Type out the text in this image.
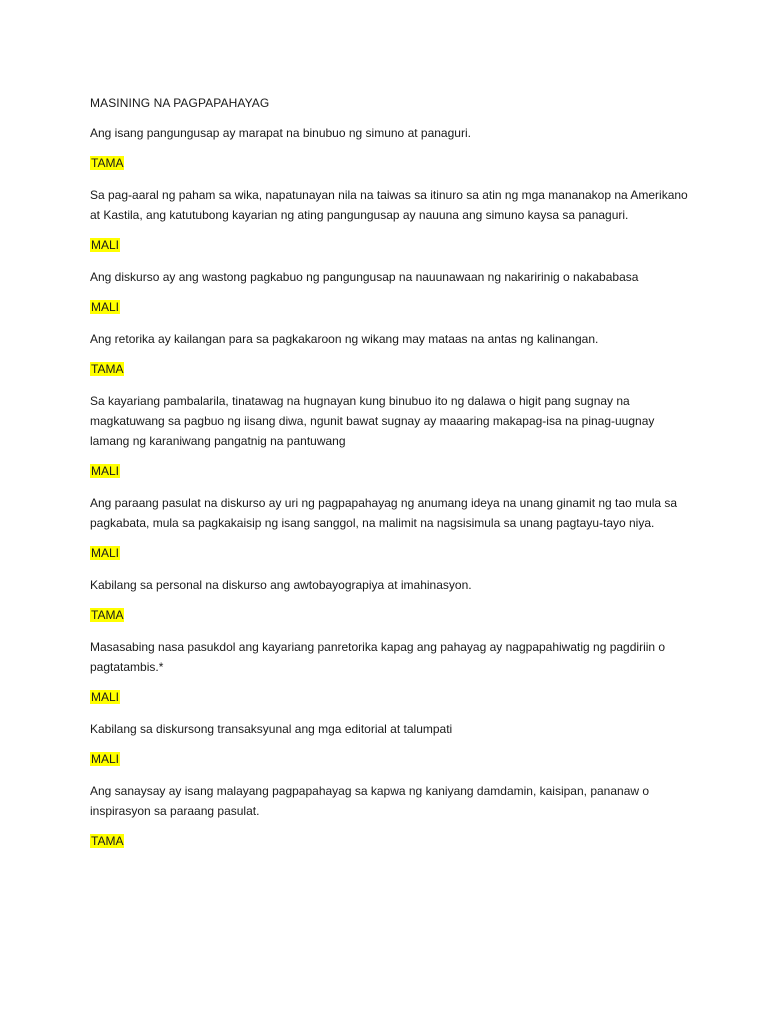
MASINING NA PAGPAPAHAYAG

Ang isang pangungusap ay marapat na binubuo ng simuno at panaguri.

TAMA

Sa pag-aaral ng paham sa wika, napatunayan nila na taiwas sa itinuro sa atin ng mga mananakop na Amerikano at Kastila, ang katutubong kayarian ng ating pangungusap ay nauuna ang simuno kaysa sa panaguri.

MALI

Ang diskurso ay ang wastong pagkabuo ng pangungusap na nauunawaan ng nakaririnig o nakababasa

MALI

Ang retorika ay kailangan para sa pagkakaroon ng wikang may mataas na antas ng kalinangan.

TAMA

Sa kayariang pambalarila, tinatawag na hugnayan kung binubuo ito ng dalawa o higit pang sugnay na magkatuwang sa pagbuo ng iisang diwa, ngunit bawat sugnay ay maaaring makapag-isa na pinag-uugnay lamang ng karaniwang pangatnig na pantuwang

MALI

Ang paraang pasulat na diskurso ay uri ng pagpapahayag ng anumang ideya na unang ginamit ng tao mula sa pagkabata, mula sa pagkakaisip ng isang sanggol, na malimit na nagsisimula sa unang pagtayu-tayo niya.

MALI

Kabilang sa personal na diskurso ang awtobayograpiya at imahinasyon.

TAMA

Masasabing nasa pasukdol ang kayariang panretorika kapag ang pahayag ay nagpapahiwatig ng pagdiriin o pagtatambis.*

MALI

Kabilang sa diskursong transaksyunal ang mga editorial at talumpati

MALI

Ang sanaysay ay isang malayang pagpapahayag sa kapwa ng kaniyang damdamin, kaisipan, pananaw o inspirasyon sa paraang pasulat.

TAMA
